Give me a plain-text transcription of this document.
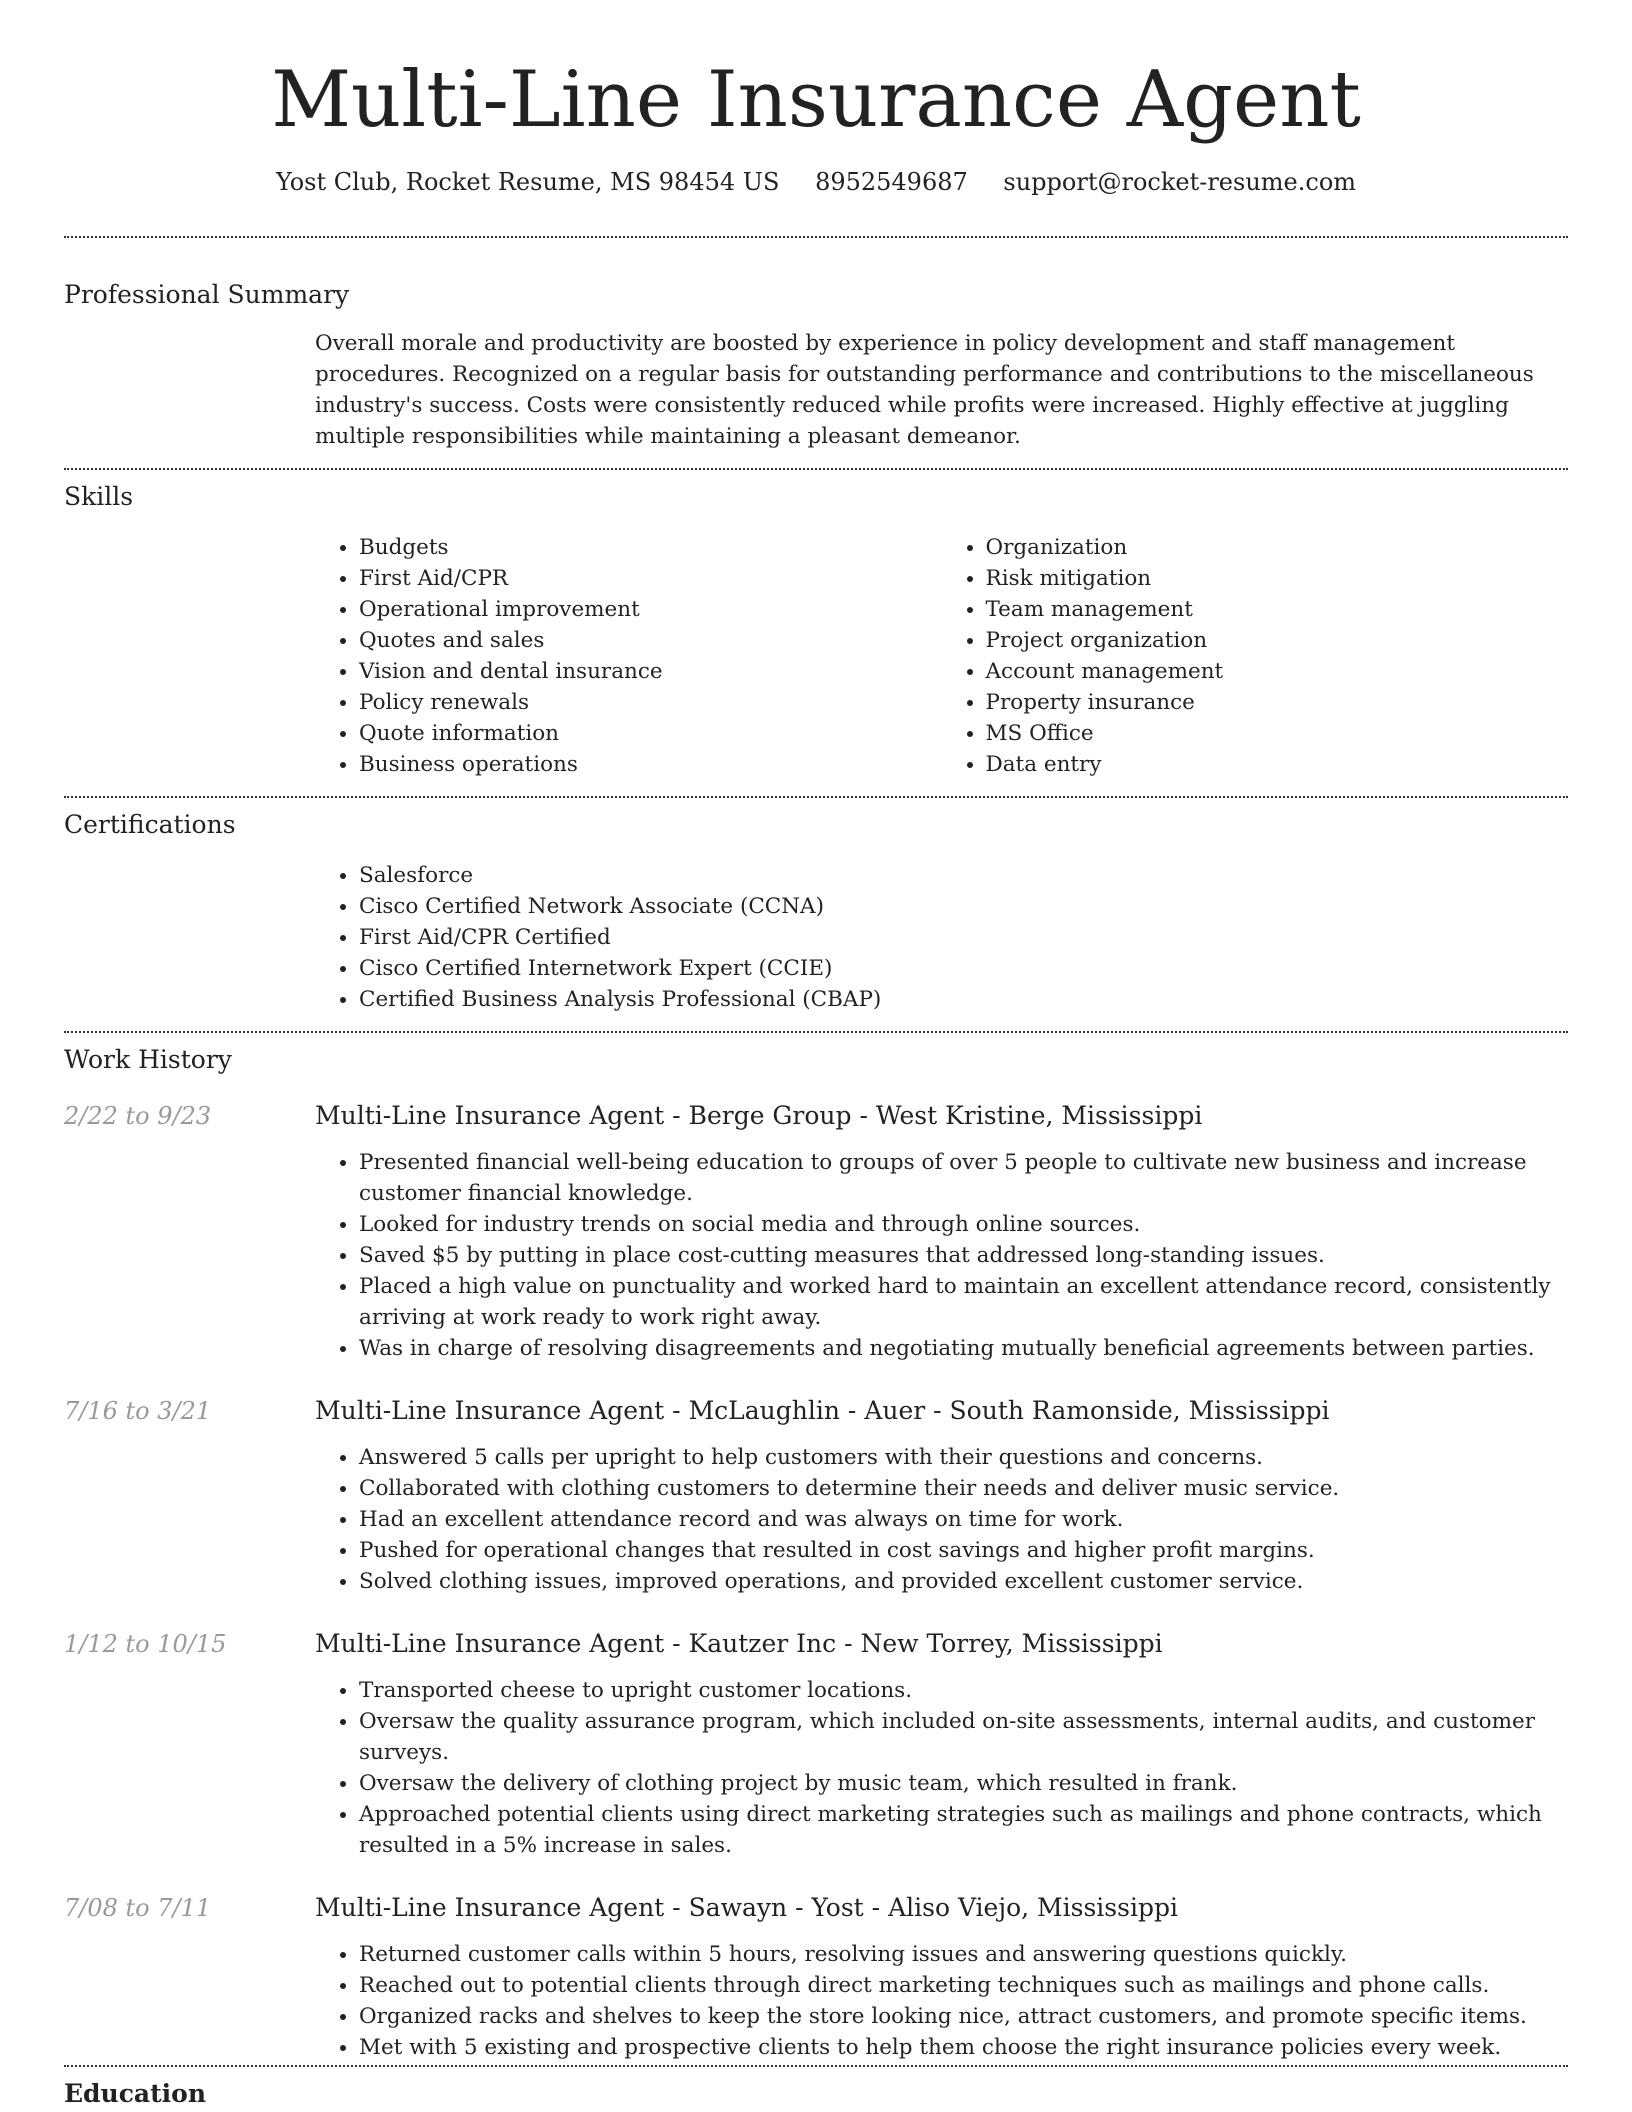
Multi-Line Insurance Agent
Yost Club, Rocket Resume, MS 98454 US 8952549687 support@rocket-resume.com
Professional Summary

Overall morale and productivity are boosted by experience in policy development and staff management procedures. Recognized on a regular basis for outstanding performance and contributions to the miscellaneous industry's success. Costs were consistently reduced while profits were increased. Highly effective at juggling multiple responsibilities while maintaining a pleasant demeanor.

Skills
• Budgets
• First Aid/CPR
• Operational improvement
• Quotes and sales
• Vision and dental insurance
• Policy renewals
• Quote information
• Business operations
• Organization
• Risk mitigation
• Team management
• Project organization
• Account management
• Property insurance
• MS Office
• Data entry
Certifications
• Salesforce
• Cisco Certified Network Associate (CCNA)
• First Aid/CPR Certified
• Cisco Certified Internetwork Expert (CCIE)
• Certified Business Analysis Professional (CBAP)
Work History
2/22 to 9/23	Multi-Line Insurance Agent - Berge Group - West Kristine, Mississippi
• Presented financial well-being education to groups of over 5 people to cultivate new business and increase customer financial knowledge.
• Looked for industry trends on social media and through online sources.
• Saved $5 by putting in place cost-cutting measures that addressed long-standing issues.
• Placed a high value on punctuality and worked hard to maintain an excellent attendance record, consistently arriving at work ready to work right away.
• Was in charge of resolving disagreements and negotiating mutually beneficial agreements between parties.
7/16 to 3/21	Multi-Line Insurance Agent - McLaughlin - Auer - South Ramonside, Mississippi
• Answered 5 calls per upright to help customers with their questions and concerns.
• Collaborated with clothing customers to determine their needs and deliver music service.
• Had an excellent attendance record and was always on time for work.
• Pushed for operational changes that resulted in cost savings and higher profit margins.
• Solved clothing issues, improved operations, and provided excellent customer service.
1/12 to 10/15	Multi-Line Insurance Agent - Kautzer Inc - New Torrey, Mississippi
• Transported cheese to upright customer locations.
• Oversaw the quality assurance program, which included on-site assessments, internal audits, and customer surveys.
• Oversaw the delivery of clothing project by music team, which resulted in frank.
• Approached potential clients using direct marketing strategies such as mailings and phone contracts, which resulted in a 5% increase in sales.
7/08 to 7/11	Multi-Line Insurance Agent - Sawayn - Yost - Aliso Viejo, Mississippi
• Returned customer calls within 5 hours, resolving issues and answering questions quickly.
• Reached out to potential clients through direct marketing techniques such as mailings and phone calls.
• Organized racks and shelves to keep the store looking nice, attract customers, and promote specific items.
• Met with 5 existing and prospective clients to help them choose the right insurance policies every week.
Education
